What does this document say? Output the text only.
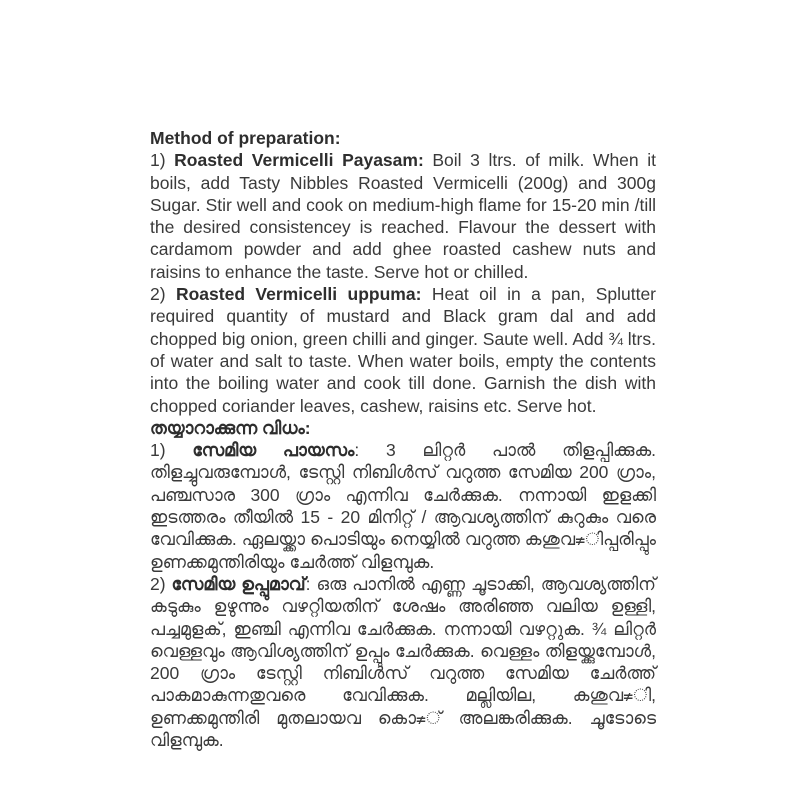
Method of preparation:

1) Roasted Vermicelli Payasam: Boil 3 ltrs. of milk. When it boils, add Tasty Nibbles Roasted Vermicelli (200g) and 300g Sugar. Stir well and cook on medium-high flame for 15-20 min /till the desired consistencey is reached. Flavour the dessert with cardamom powder and add ghee roasted cashew nuts and raisins to enhance the taste. Serve hot or chilled.

2) Roasted Vermicelli uppuma: Heat oil in a pan, Splutter required quantity of mustard and Black gram dal and add chopped big onion, green chilli and ginger. Saute well. Add ¾ ltrs. of water and salt to taste. When water boils, empty the contents into the boiling water and cook till done. Garnish the dish with chopped coriander leaves, cashew, raisins etc. Serve hot.

തയ്യാറാക്കുന്ന വിധം:

1) സേമിയ പായസം: 3 ലിറ്റർ പാൽ തിളപ്പിക്കുക. തിളച്ചുവരുമ്പോൾ, ടേസ്റ്റി നിബിൾസ് വറുത്ത സേമിയ 200 ഗ്രാം, പഞ്ചസാര 300 ഗ്രാം എന്നിവ ചേർക്കുക. നന്നായി ഇളക്കി ഇടത്തരം തീയിൽ 15 - 20 മിനിറ്റ് / ആവശ്യത്തിന് കുറുകും വരെ വേവിക്കുക. ഏലയ്ക്കാ പൊടിയും നെയ്യിൽ വറുത്ത കശുവ≠ിപ്പരിപ്പും ഉണക്കമുന്തിരിയും ചേർത്ത് വിളമ്പുക.

2) സേമിയ ഉപ്പുമാവ്: ഒരു പാനിൽ എണ്ണ ചൂടാക്കി, ആവശ്യത്തിന് കടുകും ഉഴുന്നും വഴറ്റിയതിന് ശേഷം അരിഞ്ഞ വലിയ ഉള്ളി, പച്ചമുളക്, ഇഞ്ചി എന്നിവ ചേർക്കുക. നന്നായി വഴറ്റുക. ¾ ലിറ്റർ വെള്ളവും ആവിശ്യത്തിന് ഉപ്പും ചേർക്കുക. വെള്ളം തിളയ്ക്കുമ്പോൾ, 200 ഗ്രാം ടേസ്റ്റി നിബിൾസ് വറുത്ത സേമിയ ചേർത്ത് പാകമാകുന്നതുവരെ വേവിക്കുക. മല്ലിയില, കശുവ≠ി, ഉണക്കമുന്തിരി മുതലായവ കൊ≠് അലങ്കരിക്കുക. ചൂടോടെ വിളമ്പുക.
